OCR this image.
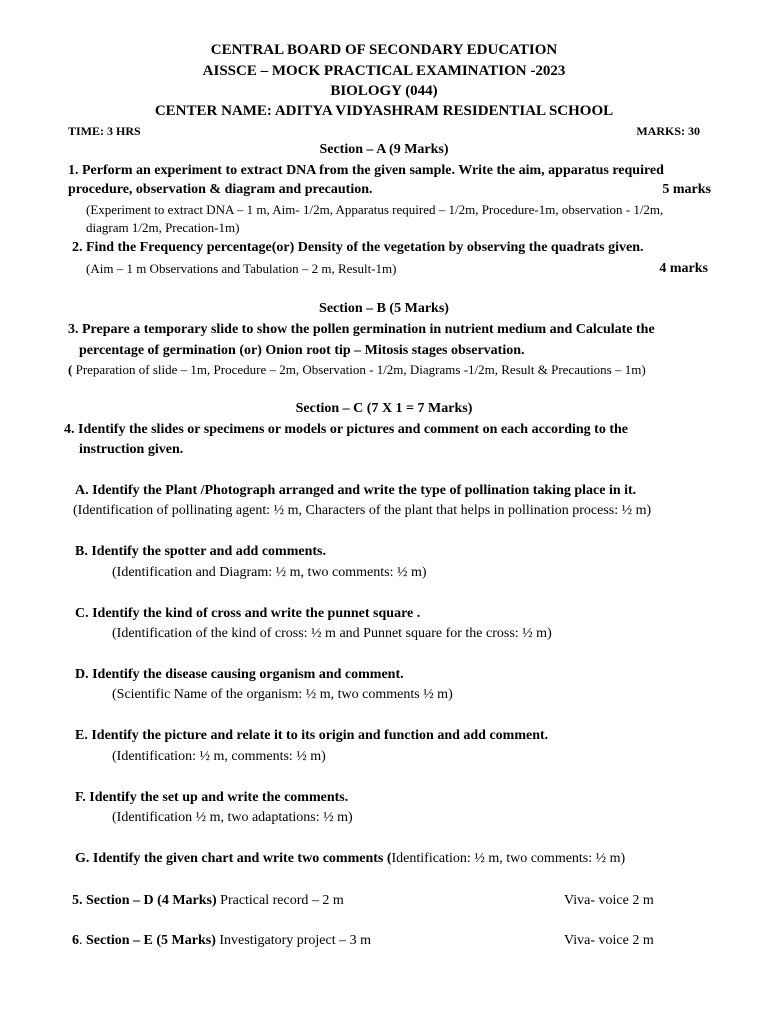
CENTRAL BOARD OF SECONDARY EDUCATION
AISSCE – MOCK PRACTICAL EXAMINATION -2023
BIOLOGY (044)
CENTER NAME: ADITYA VIDYASHRAM RESIDENTIAL SCHOOL
TIME: 3 HRS	MARKS: 30
Section – A (9 Marks)
1. Perform an experiment to extract DNA from the given sample. Write the aim, apparatus required
procedure, observation & diagram and precaution.	5 marks
(Experiment to extract DNA – 1 m, Aim- 1/2m, Apparatus required – 1/2m, Procedure-1m, observation - 1/2m,
diagram 1/2m, Precation-1m)
2. Find the Frequency percentage(or) Density of the vegetation by observing the quadrats given.
(Aim – 1 m Observations and Tabulation – 2 m, Result-1m)	4 marks
Section – B (5 Marks)
3. Prepare a temporary slide to show the pollen germination in nutrient medium and Calculate the
percentage of germination (or) Onion root tip – Mitosis stages observation.
( Preparation of slide – 1m, Procedure – 2m, Observation - 1/2m, Diagrams -1/2m, Result & Precautions – 1m)
Section – C (7 X 1 = 7 Marks)
4. Identify the slides or specimens or models or pictures and comment on each according to the
instruction given.
A. Identify the Plant /Photograph arranged and write the type of pollination taking place in it.
(Identification of pollinating agent: ½ m, Characters of the plant that helps in pollination process: ½ m)
B. Identify the spotter and add comments.
(Identification and Diagram: ½ m, two comments: ½ m)
C. Identify the kind of cross and write the punnet square .
(Identification of the kind of cross: ½ m and Punnet square for the cross: ½ m)
D. Identify the disease causing organism and comment.
(Scientific Name of the organism: ½ m, two comments ½ m)
E. Identify the picture and relate it to its origin and function and add comment.
(Identification: ½ m, comments: ½ m)
F. Identify the set up and write the comments.
(Identification ½ m, two adaptations: ½ m)
G. Identify the given chart and write two comments (Identification: ½ m, two comments: ½ m)
5. Section – D (4 Marks) Practical record – 2 m	Viva- voice 2 m
6. Section – E (5 Marks) Investigatory project – 3 m	Viva- voice 2 m
